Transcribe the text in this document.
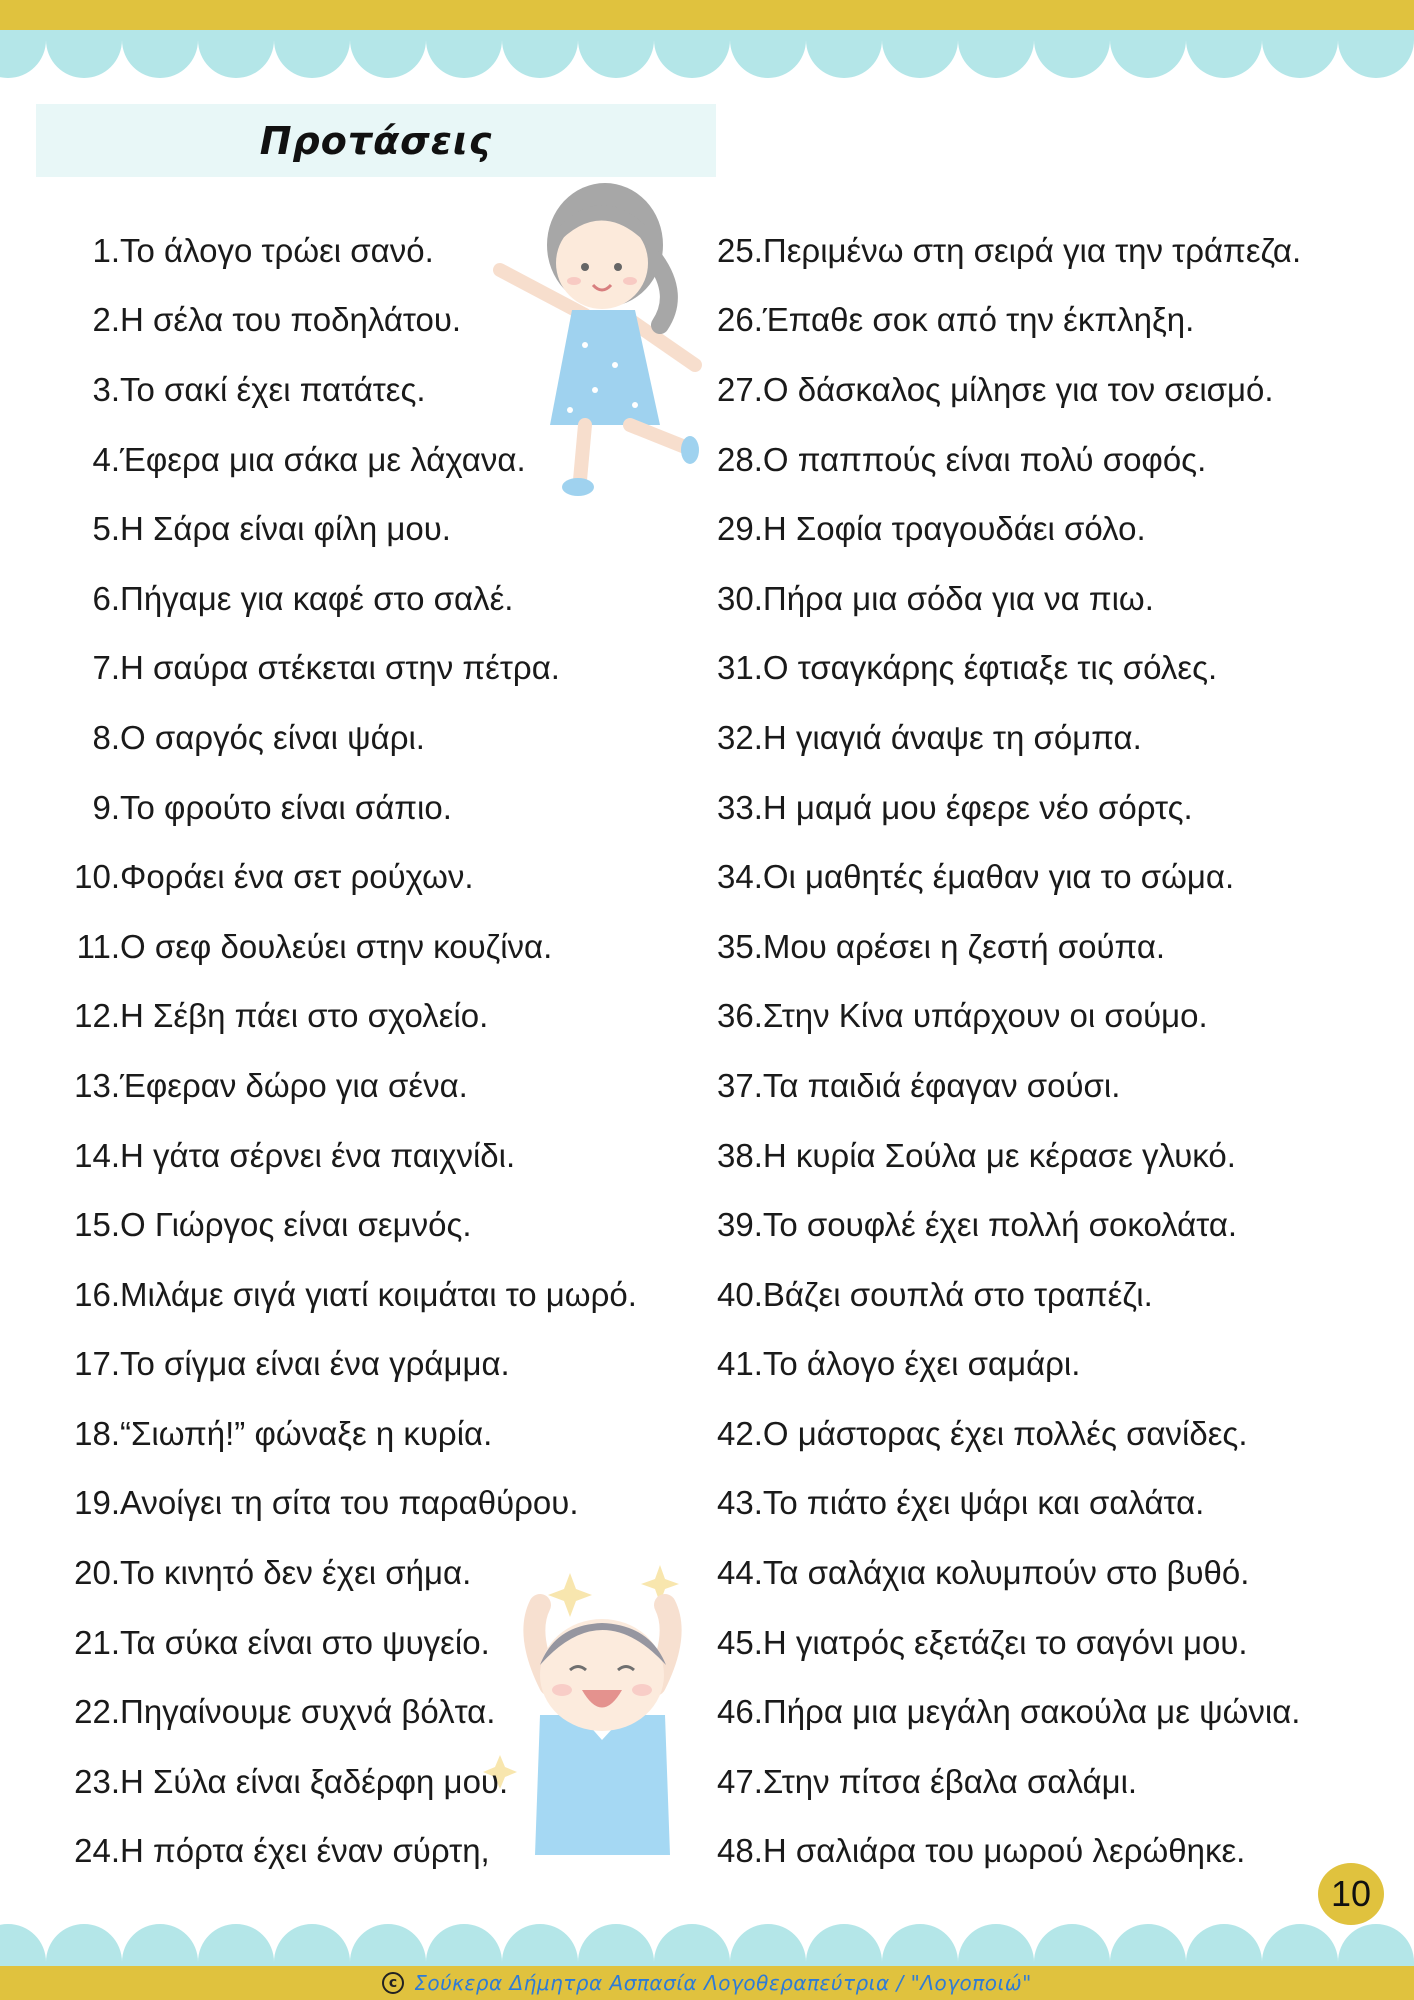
Προτάσεις
1. Το άλογο τρώει σανό.
2. Η σέλα του ποδηλάτου.
3. Το σακί έχει πατάτες.
4. Έφερα μια σάκα με λάχανα.
5. Η Σάρα είναι φίλη μου.
6. Πήγαμε για καφέ στο σαλέ.
7. Η σαύρα στέκεται στην πέτρα.
8. Ο σαργός είναι ψάρι.
9. Το φρούτο είναι σάπιο.
10. Φοράει ένα σετ ρούχων.
11. Ο σεφ δουλεύει στην κουζίνα.
12. Η Σέβη πάει στο σχολείο.
13. Έφεραν δώρο για σένα.
14. Η γάτα σέρνει ένα παιχνίδι.
15. Ο Γιώργος είναι σεμνός.
16. Μιλάμε σιγά γιατί κοιμάται το μωρό.
17. Το σίγμα είναι ένα γράμμα.
18. “Σιωπή!” φώναξε η κυρία.
19. Ανοίγει τη σίτα του παραθύρου.
20. Το κινητό δεν έχει σήμα.
21. Τα σύκα είναι στο ψυγείο.
22. Πηγαίνουμε συχνά βόλτα.
23. Η Σύλα είναι ξαδέρφη μου.
24. Η πόρτα έχει έναν σύρτη,
25. Περιμένω στη σειρά για την τράπεζα.
26. Έπαθε σοκ από την έκπληξη.
27. Ο δάσκαλος μίλησε για τον σεισμό.
28. Ο παππούς είναι πολύ σοφός.
29. Η Σοφία τραγουδάει σόλο.
30. Πήρα μια σόδα για να πιω.
31. Ο τσαγκάρης έφτιαξε τις σόλες.
32. Η γιαγιά άναψε τη σόμπα.
33. Η μαμά μου έφερε νέο σόρτς.
34. Οι μαθητές έμαθαν για το σώμα.
35. Μου αρέσει η ζεστή σούπα.
36. Στην Κίνα υπάρχουν οι σούμο.
37. Τα παιδιά έφαγαν σούσι.
38. Η κυρία Σούλα με κέρασε γλυκό.
39. Το σουφλέ έχει πολλή σοκολάτα.
40. Βάζει σουπλά στο τραπέζι.
41. Το άλογο έχει σαμάρι.
42. Ο μάστορας έχει πολλές σανίδες.
43. Το πιάτο έχει ψάρι και σαλάτα.
44. Τα σαλάχια κολυμπούν στο βυθό.
45. Η γιατρός εξετάζει το σαγόνι μου.
46. Πήρα μια μεγάλη σακούλα με ψώνια.
47. Στην πίτσα έβαλα σαλάμι.
48. Η σαλιάρα του μωρού λερώθηκε.
10
c Σούκερα Δήμητρα Ασπασία Λογοθεραπεύτρια / "Λογοποιώ"
